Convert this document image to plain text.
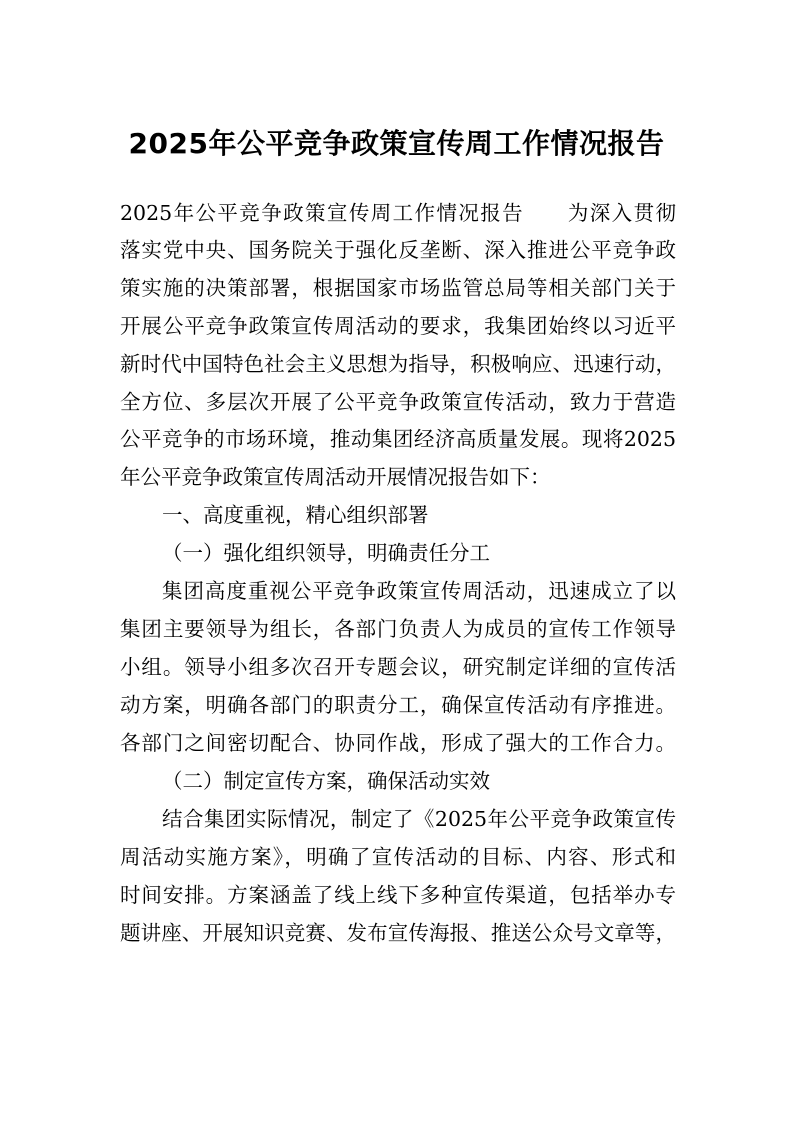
2025年公平竞争政策宣传周工作情况报告
2025年公平竞争政策宣传周工作情况报告　　为深入贯彻
落实党中央、国务院关于强化反垄断、深入推进公平竞争政
策实施的决策部署，根据国家市场监管总局等相关部门关于
开展公平竞争政策宣传周活动的要求，我集团始终以习近平
新时代中国特色社会主义思想为指导，积极响应、迅速行动，
全方位、多层次开展了公平竞争政策宣传活动，致力于营造
公平竞争的市场环境，推动集团经济高质量发展。现将2025
年公平竞争政策宣传周活动开展情况报告如下：
一、高度重视，精心组织部署
（一）强化组织领导，明确责任分工
集团高度重视公平竞争政策宣传周活动，迅速成立了以
集团主要领导为组长，各部门负责人为成员的宣传工作领导
小组。领导小组多次召开专题会议，研究制定详细的宣传活
动方案，明确各部门的职责分工，确保宣传活动有序推进。
各部门之间密切配合、协同作战，形成了强大的工作合力。
（二）制定宣传方案，确保活动实效
结合集团实际情况，制定了《2025年公平竞争政策宣传
周活动实施方案》，明确了宣传活动的目标、内容、形式和
时间安排。方案涵盖了线上线下多种宣传渠道，包括举办专
题讲座、开展知识竞赛、发布宣传海报、推送公众号文章等，
